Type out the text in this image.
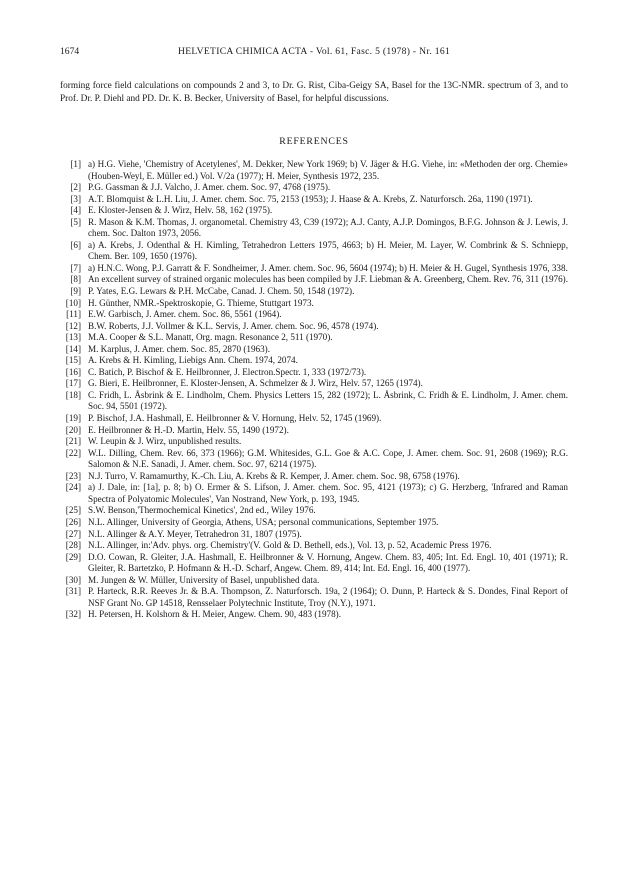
1674	HELVETICA CHIMICA ACTA - Vol. 61, Fasc. 5 (1978) - Nr. 161

forming force field calculations on compounds 2 and 3, to Dr. G. Rist, Ciba-Geigy SA, Basel for the 13C-NMR. spectrum of 3, and to Prof. Dr. P. Diehl and PD. Dr. K. B. Becker, University of Basel, for helpful discussions.

REFERENCES
[1] a) H.G. Viehe, 'Chemistry of Acetylenes', M. Dekker, New York 1969; b) V. Jäger & H.G. Viehe, in: «Methoden der org. Chemie» (Houben-Weyl, E. Müller ed.) Vol. V/2a (1977); H. Meier, Synthesis 1972, 235.
[2] P.G. Gassman & J.J. Valcho, J. Amer. chem. Soc. 97, 4768 (1975).
[3] A.T. Blomquist & L.H. Liu, J. Amer. chem. Soc. 75, 2153 (1953); J. Haase & A. Krebs, Z. Naturforsch. 26a, 1190 (1971).
[4] E. Kloster-Jensen & J. Wirz, Helv. 58, 162 (1975).
[5] R. Mason & K.M. Thomas, J. organometal. Chemistry 43, C39 (1972); A.J. Canty, A.J.P. Domingos, B.F.G. Johnson & J. Lewis, J. chem. Soc. Dalton 1973, 2056.
[6] a) A. Krebs, J. Odenthal & H. Kimling, Tetrahedron Letters 1975, 4663; b) H. Meier, M. Layer, W. Combrink & S. Schniepp, Chem. Ber. 109, 1650 (1976).
[7] a) H.N.C. Wong, P.J. Garratt & F. Sondheimer, J. Amer. chem. Soc. 96, 5604 (1974); b) H. Meier & H. Gugel, Synthesis 1976, 338.
[8] An excellent survey of strained organic molecules has been compiled by J.F. Liebman & A. Greenberg, Chem. Rev. 76, 311 (1976).
[9] P. Yates, E.G. Lewars & P.H. McCabe, Canad. J. Chem. 50, 1548 (1972).
[10] H. Günther, NMR.-Spektroskopie, G. Thieme, Stuttgart 1973.
[11] E.W. Garbisch, J. Amer. chem. Soc. 86, 5561 (1964).
[12] B.W. Roberts, J.J. Vollmer & K.L. Servis, J. Amer. chem. Soc. 96, 4578 (1974).
[13] M.A. Cooper & S.L. Manatt, Org. magn. Resonance 2, 511 (1970).
[14] M. Karplus, J. Amer. chem. Soc. 85, 2870 (1963).
[15] A. Krebs & H. Kimling, Liebigs Ann. Chem. 1974, 2074.
[16] C. Batich, P. Bischof & E. Heilbronner, J. Electron.Spectr. 1, 333 (1972/73).
[17] G. Bieri, E. Heilbronner, E. Kloster-Jensen, A. Schmelzer & J. Wirz, Helv. 57, 1265 (1974).
[18] C. Fridh, L. Åsbrink & E. Lindholm, Chem. Physics Letters 15, 282 (1972); L. Åsbrink, C. Fridh & E. Lindholm, J. Amer. chem. Soc. 94, 5501 (1972).
[19] P. Bischof, J.A. Hashmall, E. Heilbronner & V. Hornung, Helv. 52, 1745 (1969).
[20] E. Heilbronner & H.-D. Martin, Helv. 55, 1490 (1972).
[21] W. Leupin & J. Wirz, unpublished results.
[22] W.L. Dilling, Chem. Rev. 66, 373 (1966); G.M. Whitesides, G.L. Goe & A.C. Cope, J. Amer. chem. Soc. 91, 2608 (1969); R.G. Salomon & N.E. Sanadi, J. Amer. chem. Soc. 97, 6214 (1975).
[23] N.J. Turro, V. Ramamurthy, K.-Ch. Liu, A. Krebs & R. Kemper, J. Amer. chem. Soc. 98, 6758 (1976).
[24] a) J. Dale, in: [1a], p. 8; b) O. Ermer & S. Lifson, J. Amer. chem. Soc. 95, 4121 (1973); c) G. Herzberg, 'Infrared and Raman Spectra of Polyatomic Molecules', Van Nostrand, New York, p. 193, 1945.
[25] S.W. Benson,'Thermochemical Kinetics', 2nd ed., Wiley 1976.
[26] N.L. Allinger, University of Georgia, Athens, USA; personal communications, September 1975.
[27] N.L. Allinger & A.Y. Meyer, Tetrahedron 31, 1807 (1975).
[28] N.L. Allinger, in:'Adv. phys. org. Chemistry'(V. Gold & D. Bethell, eds.), Vol. 13, p. 52, Academic Press 1976.
[29] D.O. Cowan, R. Gleiter, J.A. Hashmall, E. Heilbronner & V. Hornung, Angew. Chem. 83, 405; Int. Ed. Engl. 10, 401 (1971); R. Gleiter, R. Bartetzko, P. Hofmann & H.-D. Scharf, Angew. Chem. 89, 414; Int. Ed. Engl. 16, 400 (1977).
[30] M. Jungen & W. Müller, University of Basel, unpublished data.
[31] P. Harteck, R.R. Reeves Jr. & B.A. Thompson, Z. Naturforsch. 19a, 2 (1964); O. Dunn, P. Harteck & S. Dondes, Final Report of NSF Grant No. GP 14518, Rensselaer Polytechnic Institute, Troy (N.Y.), 1971.
[32] H. Petersen, H. Kolshorn & H. Meier, Angew. Chem. 90, 483 (1978).
